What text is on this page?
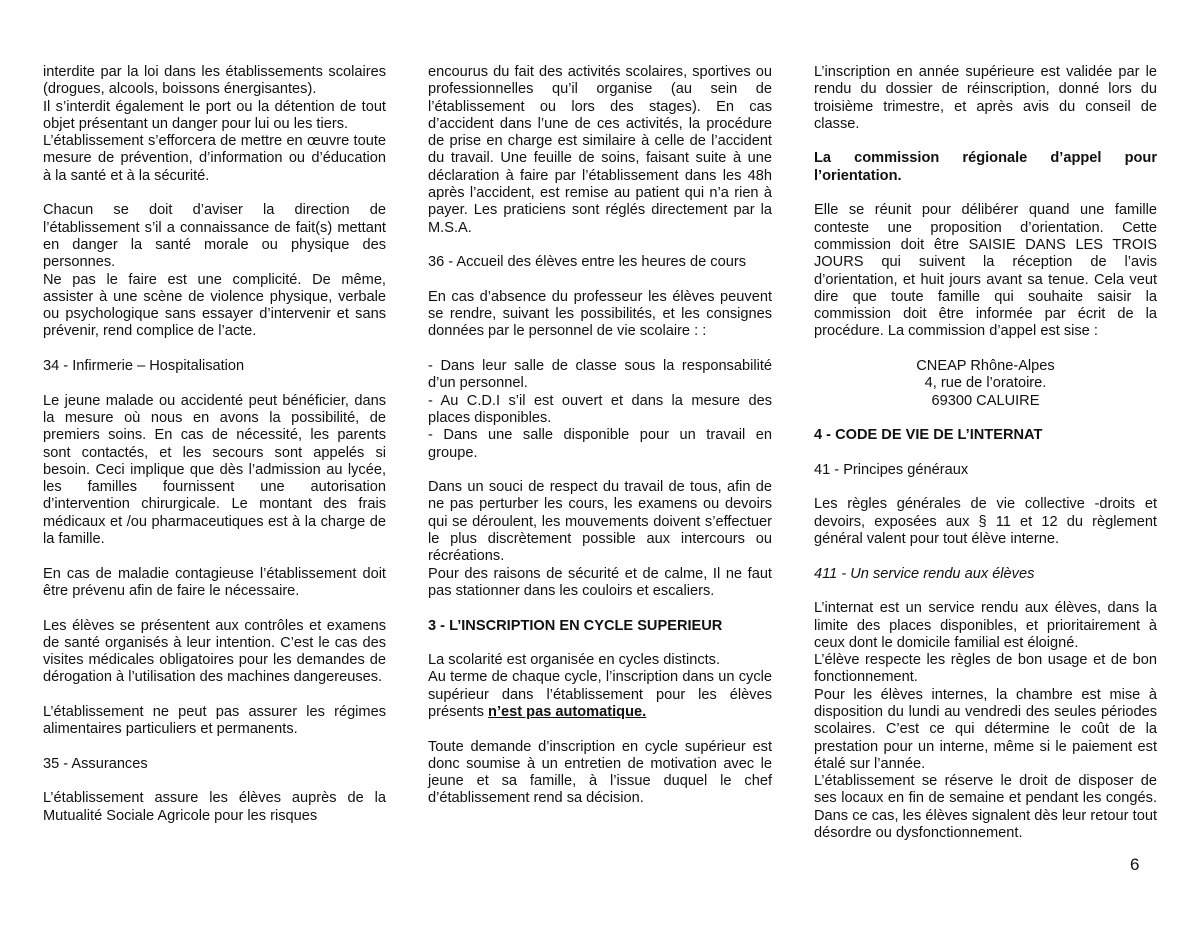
interdite par la loi dans les établissements scolaires (drogues, alcools, boissons énergisantes).

Il s’interdit également le port ou la détention de tout objet présentant un danger pour lui ou les tiers.

L’établissement s’efforcera de mettre en œuvre toute mesure de prévention, d’information ou d’éducation à la santé et à la sécurité.

Chacun se doit d’aviser la direction de l’établissement s’il a connaissance de fait(s) mettant en danger la santé morale ou physique des personnes.

Ne pas le faire est une complicité. De même, assister à une scène de violence physique, verbale ou psychologique sans essayer d’intervenir et sans prévenir, rend complice de l’acte.

34 - Infirmerie – Hospitalisation

Le jeune malade ou accidenté peut bénéficier, dans la mesure où nous en avons la possibilité, de premiers soins. En cas de nécessité, les parents sont contactés, et les secours sont appelés si besoin. Ceci implique que dès l’admission au lycée, les familles fournissent une autorisation d’intervention chirurgicale. Le montant des frais médicaux et /ou pharmaceutiques est à la charge de la famille.

En cas de maladie contagieuse l’établissement doit être prévenu afin de faire le nécessaire.

Les élèves se présentent aux contrôles et examens de santé organisés à leur intention. C’est le cas des visites médicales obligatoires pour les demandes de dérogation à l’utilisation des machines dangereuses.

L’établissement ne peut pas assurer les régimes alimentaires particuliers et permanents.

35 - Assurances

L’établissement assure les élèves auprès de la Mutualité Sociale Agricole pour les risques

encourus du fait des activités scolaires, sportives ou professionnelles qu’il organise (au sein de l’établissement ou lors des stages). En cas d’accident dans l’une de ces activités, la procédure de prise en charge est similaire à celle de l’accident du travail. Une feuille de soins, faisant suite à une déclaration à faire par l’établissement dans les 48h après l’accident, est remise au patient qui n’a rien à payer. Les praticiens sont réglés directement par la M.S.A.

36 - Accueil des élèves entre les heures de cours

En cas d’absence du professeur les élèves peuvent se rendre, suivant les possibilités, et les consignes données par le personnel de vie scolaire : :

- Dans leur salle de classe sous la responsabilité d’un personnel.

- Au C.D.I s’il est ouvert et dans la mesure des places disponibles.

- Dans une salle disponible pour un travail en groupe.

Dans un souci de respect du travail de tous, afin de ne pas perturber les cours, les examens ou devoirs qui se déroulent, les mouvements doivent s’effectuer le plus discrètement possible aux intercours ou récréations.

Pour des raisons de sécurité et de calme, Il ne faut pas stationner dans les couloirs et escaliers.

3 - L’INSCRIPTION EN CYCLE SUPERIEUR

La scolarité est organisée en cycles distincts.

Au terme de chaque cycle, l’inscription dans un cycle supérieur dans l’établissement pour les élèves présents n’est pas automatique.

Toute demande d’inscription en cycle supérieur est donc soumise à un entretien de motivation avec le jeune et sa famille, à l’issue duquel le chef d’établissement rend sa décision.

L’inscription en année supérieure est validée par le rendu du dossier de réinscription, donné lors du troisième trimestre, et après avis du conseil de classe.

La commission régionale d’appel pour l’orientation.

Elle se réunit pour délibérer quand une famille conteste une proposition d’orientation. Cette commission doit être SAISIE DANS LES TROIS JOURS qui suivent la réception de l’avis d’orientation, et huit jours avant sa tenue. Cela veut dire que toute famille qui souhaite saisir la commission doit être informée par écrit de la procédure. La commission d’appel est sise :

CNEAP Rhône-Alpes

4, rue de l’oratoire.

69300 CALUIRE

4 - CODE DE VIE DE L’INTERNAT

41 - Principes généraux

Les règles générales de vie collective -droits et devoirs, exposées aux § 11 et 12 du règlement général valent pour tout élève interne.

411 - Un service rendu aux élèves

L’internat est un service rendu aux élèves, dans la limite des places disponibles, et prioritairement à ceux dont le domicile familial est éloigné.

L’élève respecte les règles de bon usage et de bon fonctionnement.

Pour les élèves internes, la chambre est mise à disposition du lundi au vendredi des seules périodes scolaires. C’est ce qui détermine le coût de la prestation pour un interne, même si le paiement est étalé sur l’année.

L’établissement se réserve le droit de disposer de ses locaux en fin de semaine et pendant les congés. Dans ce cas, les élèves signalent dès leur retour tout désordre ou dysfonctionnement.

6
